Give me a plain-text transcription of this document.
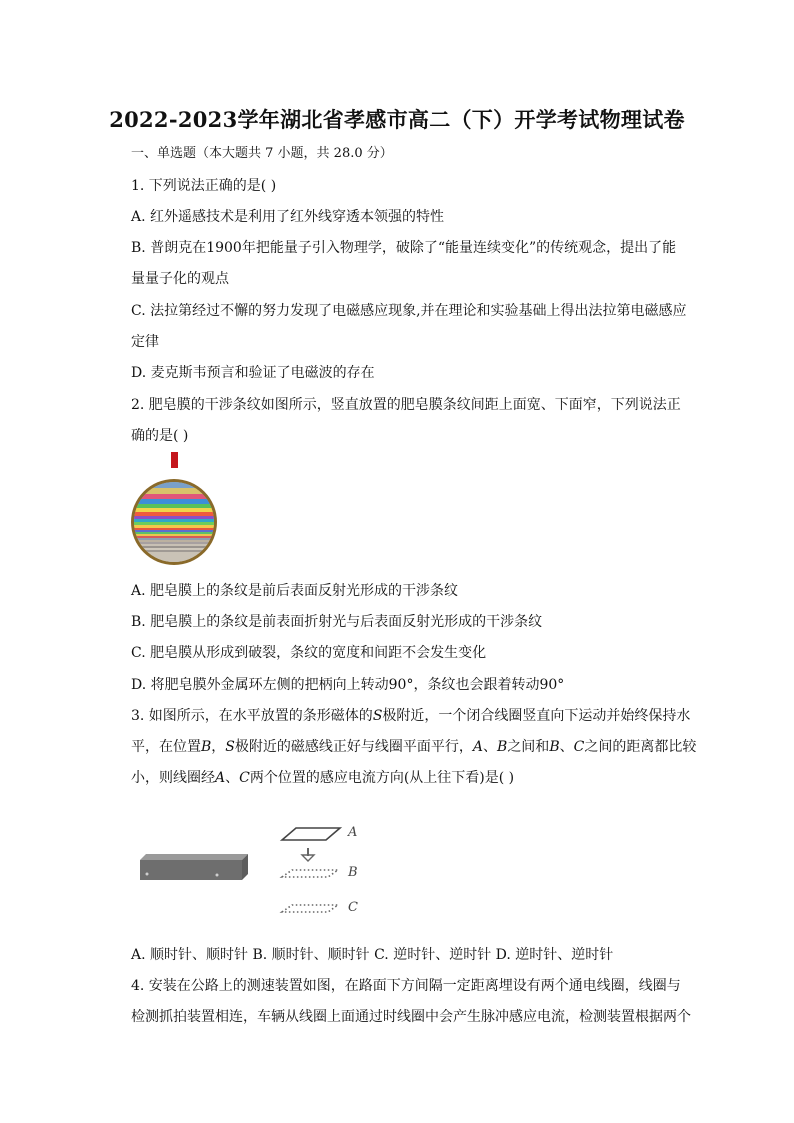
2022-2023学年湖北省孝感市高二（下）开学考试物理试卷
一、单选题（本大题共 7 小题，共 28.0 分）
1. 下列说法正确的是( )
A. 红外遥感技术是利用了红外线穿透本领强的特性
B. 普朗克在1900年把能量子引入物理学，破除了“能量连续变化”的传统观念，提出了能
量量子化的观点
C. 法拉第经过不懈的努力发现了电磁感应现象,并在理论和实验基础上得出法拉第电磁感应
定律
D. 麦克斯韦预言和验证了电磁波的存在
2. 肥皂膜的干涉条纹如图所示，竖直放置的肥皂膜条纹间距上面宽、下面窄，下列说法正
确的是( )
A. 肥皂膜上的条纹是前后表面反射光形成的干涉条纹
B. 肥皂膜上的条纹是前表面折射光与后表面反射光形成的干涉条纹
C. 肥皂膜从形成到破裂，条纹的宽度和间距不会发生变化
D. 将肥皂膜外金属环左侧的把柄向上转动90°，条纹也会跟着转动90°
3. 如图所示，在水平放置的条形磁体的S极附近，一个闭合线圈竖直向下运动并始终保持水
平，在位置B，S极附近的磁感线正好与线圈平面平行，A、B之间和B、C之间的距离都比较
小，则线圈经A、C两个位置的感应电流方向(从上往下看)是( )
A
B
C
A. 顺时针、顺时针 B. 顺时针、顺时针 C. 逆时针、逆时针 D. 逆时针、逆时针
4. 安装在公路上的测速装置如图，在路面下方间隔一定距离埋设有两个通电线圈，线圈与
检测抓拍装置相连，车辆从线圈上面通过时线圈中会产生脉冲感应电流，检测装置根据两个
